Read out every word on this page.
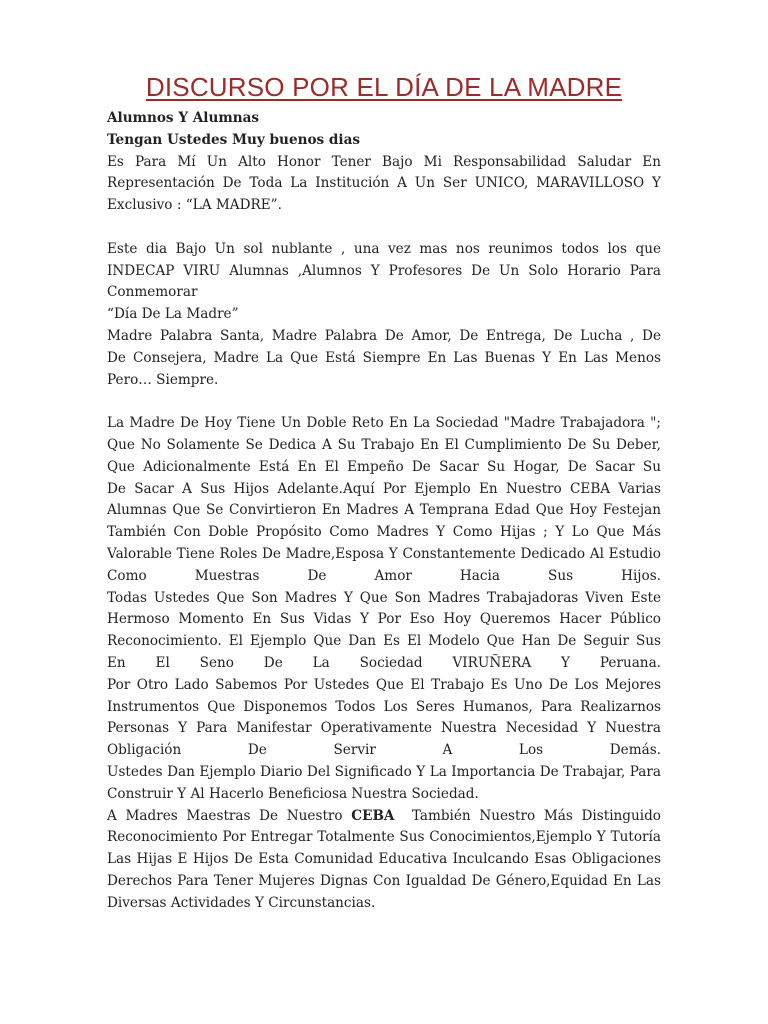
DISCURSO POR EL DÍA DE LA MADRE
Alumnos Y Alumnas
Tengan Ustedes Muy buenos dias
Es Para Mí Un Alto Honor Tener Bajo Mi Responsabilidad Saludar En
Representación De Toda La Institución A Un Ser UNICO, MARAVILLOSO Y
Exclusivo : “LA MADRE”.
Este dia Bajo Un sol nublante , una vez mas nos reunimos todos los que
INDECAP VIRU Alumnas ,Alumnos Y Profesores De Un Solo Horario Para
Conmemorar
“Día De La Madre”
Madre Palabra Santa, Madre Palabra De Amor, De Entrega, De Lucha , De
De Consejera, Madre La Que Está Siempre En Las Buenas Y En Las Menos
Pero… Siempre.
La Madre De Hoy Tiene Un Doble Reto En La Sociedad "Madre Trabajadora ";
Que No Solamente Se Dedica A Su Trabajo En El Cumplimiento De Su Deber,
Que Adicionalmente Está En El Empeño De Sacar Su Hogar, De Sacar Su
De Sacar A Sus Hijos Adelante.Aquí Por Ejemplo En Nuestro CEBA Varias
Alumnas Que Se Convirtieron En Madres A Temprana Edad Que Hoy Festejan
También Con Doble Propósito Como Madres Y Como Hijas ; Y Lo Que Más
Valorable Tiene Roles De Madre,Esposa Y Constantemente Dedicado Al Estudio
Como Muestras De Amor Hacia Sus Hijos.
Todas Ustedes Que Son Madres Y Que Son Madres Trabajadoras Viven Este
Hermoso Momento En Sus Vidas Y Por Eso Hoy Queremos Hacer Público
Reconocimiento. El Ejemplo Que Dan Es El Modelo Que Han De Seguir Sus
En El Seno De La Sociedad VIRUÑERA Y Peruana.
Por Otro Lado Sabemos Por Ustedes Que El Trabajo Es Uno De Los Mejores
Instrumentos Que Disponemos Todos Los Seres Humanos, Para Realizarnos
Personas Y Para Manifestar Operativamente Nuestra Necesidad Y Nuestra
Obligación De Servir A Los Demás.
Ustedes Dan Ejemplo Diario Del Significado Y La Importancia De Trabajar, Para
Construir Y Al Hacerlo Beneficiosa Nuestra Sociedad.
A Madres Maestras De Nuestro CEBA  También Nuestro Más Distinguido
Reconocimiento Por Entregar Totalmente Sus Conocimientos,Ejemplo Y Tutoría
Las Hijas E Hijos De Esta Comunidad Educativa Inculcando Esas Obligaciones
Derechos Para Tener Mujeres Dignas Con Igualdad De Género,Equidad En Las
Diversas Actividades Y Circunstancias.
